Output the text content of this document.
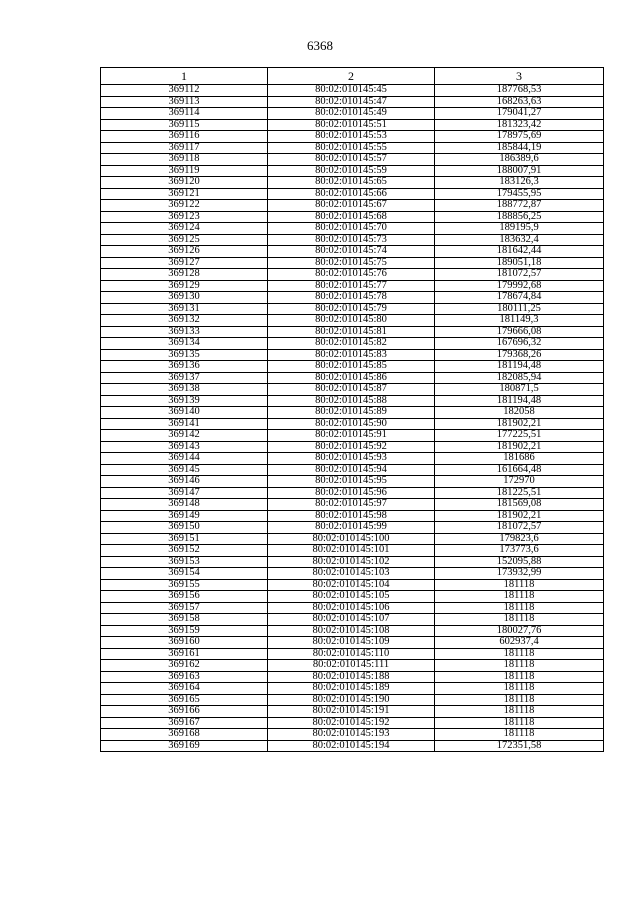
6368
1	2	3
369112	80:02:010145:45	187768,53
369113	80:02:010145:47	168263,63
369114	80:02:010145:49	179041,27
369115	80:02:010145:51	181323,42
369116	80:02:010145:53	178975,69
369117	80:02:010145:55	185844,19
369118	80:02:010145:57	186389,6
369119	80:02:010145:59	188007,91
369120	80:02:010145:65	183126,3
369121	80:02:010145:66	179455,95
369122	80:02:010145:67	188772,87
369123	80:02:010145:68	188856,25
369124	80:02:010145:70	189195,9
369125	80:02:010145:73	183632,4
369126	80:02:010145:74	181642,44
369127	80:02:010145:75	189051,18
369128	80:02:010145:76	181072,57
369129	80:02:010145:77	179992,68
369130	80:02:010145:78	178674,84
369131	80:02:010145:79	180111,25
369132	80:02:010145:80	181149,3
369133	80:02:010145:81	179666,08
369134	80:02:010145:82	167696,32
369135	80:02:010145:83	179368,26
369136	80:02:010145:85	181194,48
369137	80:02:010145:86	182085,94
369138	80:02:010145:87	180871,5
369139	80:02:010145:88	181194,48
369140	80:02:010145:89	182058
369141	80:02:010145:90	181902,21
369142	80:02:010145:91	177225,51
369143	80:02:010145:92	181902,21
369144	80:02:010145:93	181686
369145	80:02:010145:94	161664,48
369146	80:02:010145:95	172970
369147	80:02:010145:96	181225,51
369148	80:02:010145:97	181569,08
369149	80:02:010145:98	181902,21
369150	80:02:010145:99	181072,57
369151	80:02:010145:100	179823,6
369152	80:02:010145:101	173773,6
369153	80:02:010145:102	152095,88
369154	80:02:010145:103	173932,99
369155	80:02:010145:104	181118
369156	80:02:010145:105	181118
369157	80:02:010145:106	181118
369158	80:02:010145:107	181118
369159	80:02:010145:108	180027,76
369160	80:02:010145:109	602937,4
369161	80:02:010145:110	181118
369162	80:02:010145:111	181118
369163	80:02:010145:188	181118
369164	80:02:010145:189	181118
369165	80:02:010145:190	181118
369166	80:02:010145:191	181118
369167	80:02:010145:192	181118
369168	80:02:010145:193	181118
369169	80:02:010145:194	172351,58
